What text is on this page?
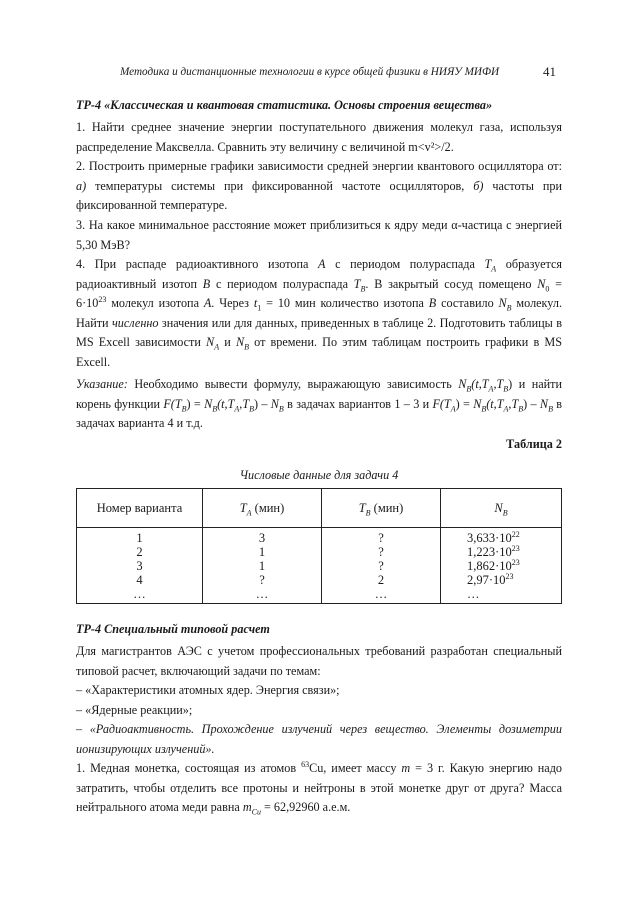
Методика и дистанционные технологии в курсе общей физики в НИЯУ МИФИ	41
ТР-4 «Классическая и квантовая статистика. Основы строения вещества»
1. Найти среднее значение энергии поступательного движения молекул газа, используя распределение Максвелла. Сравнить эту величину с величиной m<v²>/2.
2. Построить примерные графики зависимости средней энергии квантового осциллятора от: а) температуры системы при фиксированной частоте осцилляторов, б) частоты при фиксированной температуре.
3. На какое минимальное расстояние может приблизиться к ядру меди α-частица с энергией 5,30 МэВ?
4. При распаде радиоактивного изотопа А с периодом полураспада $T_A$ образуется радиоактивный изотоп B с периодом полураспада $T_B$. В закрытый сосуд помещено $N_0 = 6\cdot 10^{23}$ молекул изотопа А. Через $t_1 = 10$ мин количество изотопа B составило $N_B$ молекул. Найти численно значения или для данных, приведенных в таблице 2. Подготовить таблицы в MS Excell зависимости $N_A$ и $N_B$ от времени. По этим таблицам построить графики в MS Excell.
Указание: Необходимо вывести формулу, выражающую зависимость $N_B(t,T_A,T_B)$ и найти корень функции $F(T_B) = N_B(t,T_A,T_B) - N_B$ в задачах вариантов 1 – 3 и $F(T_A) = N_B(t,T_A,T_B) - N_B$ в задачах варианта 4 и т.д.
Таблица 2
Числовые данные для задачи 4
Номер варианта	$T_A$ (мин)	$T_B$ (мин)	$N_B$
1	3	?	$3,633\cdot 10^{22}$
2	1	?	$1,223\cdot 10^{23}$
3	1	?	$1,862\cdot 10^{23}$
4	?	2	$2,97\cdot 10^{23}$
…	…	…	…
ТР-4 Специальный типовой расчет
Для магистрантов АЭС с учетом профессиональных требований разработан специальный типовой расчет, включающий задачи по темам:
– «Характеристики атомных ядер. Энергия связи»;
– «Ядерные реакции»;
– «Радиоактивность. Прохождение излучений через вещество. Элементы дозиметрии ионизирующих излучений».
1. Медная монетка, состоящая из атомов $^{63}$Cu, имеет массу m = 3 г. Какую энергию надо затратить, чтобы отделить все протоны и нейтроны в этой монетке друг от друга? Масса нейтрального атома меди равна $m_{Cu} = 62,92960$ а.е.м.
